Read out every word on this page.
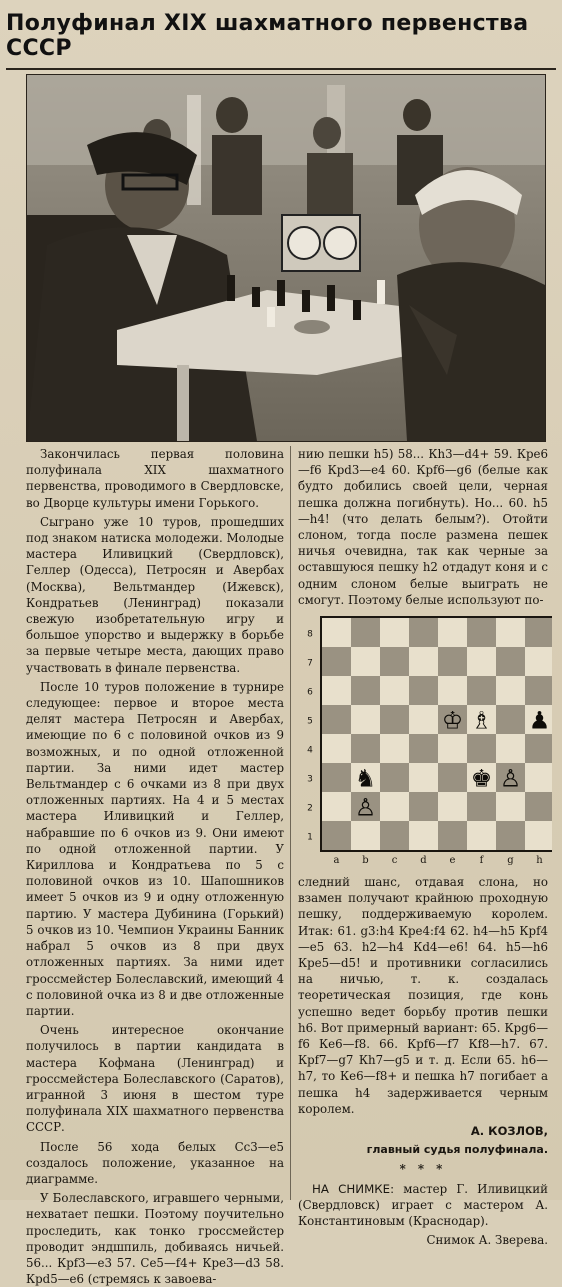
Полуфинал XIX шахматного первенства СССР

Закончилась первая половина полуфинала XIX шахматного первенства, проводимого в Свердловске, во Дворце культуры имени Горького.

Сыграно уже 10 туров, прошедших под знаком натиска молодежи. Молодые мастера Иливицкий (Свердловск), Геллер (Одесса), Петросян и Авербах (Москва), Вельтмандер (Ижевск), Кондратьев (Ленинград) показали свежую изобретательную игру и большое упорство и выдержку в борьбе за первые четыре места, дающих право участвовать в финале первенства.

После 10 туров положение в турнире следующее: первое и второе места делят мастера Петросян и Авербах, имеющие по 6 с половиной очков из 9 возможных, и по одной отложенной партии. За ними идет мастер Вельтмандер с 6 очками из 8 при двух отложенных партиях. На 4 и 5 местах мастера Иливицкий и Геллер, набравшие по 6 очков из 9. Они имеют по одной отложенной партии. У Кириллова и Кондратьева по 5 с половиной очков из 10. Шапошников имеет 5 очков из 9 и одну отложенную партию. У мастера Дубинина (Горький) 5 очков из 10. Чемпион Украины Банник набрал 5 очков из 8 при двух отложенных партиях. За ними идет гроссмейстер Болеславский, имеющий 4 с половиной очка из 8 и две отложенные партии.

Очень интересное окончание получилось в партии кандидата в мастера Кофмана (Ленинград) и гроссмейстера Болеславского (Саратов), игранной 3 июня в шестом туре полуфинала XIX шахматного первенства СССР.

После 56 хода белых Сс3—е5 создалось положение, указанное на диаграмме.

У Болеславского, игравшего черными, нехватает пешки. Поэтому поучительно проследить, как тонко гроссмейстер проводит эндшпиль, добиваясь ничьей. 56... Крf3—е3 57. Се5—f4+ Кре3—d3 58. Крd5—е6 (стремясь к завоева-

нию пешки h5) 58... Кh3—d4+ 59. Кре6—f6 Крd3—е4 60. Крf6—g6 (белые как будто добились своей цели, черная пешка должна погибнуть). Но... 60. h5—h4! (что делать белым?). Отойти слоном, тогда после размена пешек ничья очевидна, так как черные за оставшуюся пешку h2 отдадут коня и с одним слоном белые выиграть не смогут. Поэтому белые используют по-

8
7
6
5
4
3
2
1
a b c d e f g h
♔ ♗ ♟
♞	♚ ♙
♙

следний шанс, отдавая слона, но взамен получают крайнюю проходную пешку, поддерживаемую королем. Итак: 61. g3:h4 Кре4:f4 62. h4—h5 Крf4—е5 63. h2—h4 Кd4—е6! 64. h5—h6 Кре5—d5! и противники согласились на ничью, т. к. создалась теоретическая позиция, где конь успешно ведет борьбу против пешки h6. Вот примерный вариант: 65. Крg6—f6 Ке6—f8. 66. Крf6—f7 Кf8—h7. 67. Крf7—g7 Кh7—g5 и т. д. Если 65. h6—h7, то Ке6—f8+ и пешка h7 погибает а пешка h4 задерживается черным королем.

А. КОЗЛОВ,

главный судья полуфинала.

* * *

НА СНИМКЕ: мастер Г. Иливицкий (Свердловск) играет с мастером А. Константиновым (Краснодар).

Снимок А. Зверева.
